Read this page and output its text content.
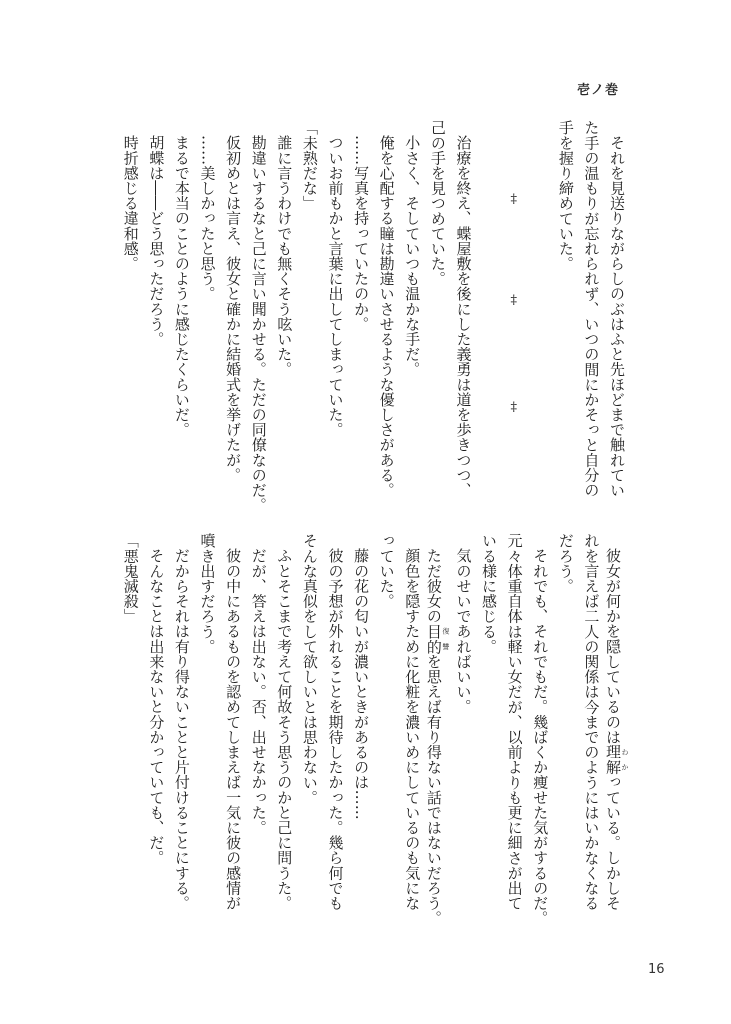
壱ノ巻
それを見送りながらしのぶはふと先ほどまで触れてい
た手の温もりが忘れられず、いつの間にかそっと自分の
手を握り締めていた。
‡
‡
‡
治療を終え、蝶屋敷を後にした義勇は道を歩きつつ、
己の手を見つめていた。
小さく、そしていつも温かな手だ。
俺を心配する瞳は勘違いさせるような優しさがある。
……写真を持っていたのか。
ついお前もかと言葉に出してしまっていた。
「未熟だな」
誰に言うわけでも無くそう呟いた。
勘違いするなと己に言い聞かせる。ただの同僚なのだ。
仮初めとは言え、彼女と確かに結婚式を挙げたが。
……美しかったと思う。
まるで本当のことのように感じたくらいだ。
胡蝶は――どう思っただろう。
時折感じる違和感。
彼女が何かを隠しているのは理解 わかっている。しかしそ
れを言えば二人の関係は今までのようにはいかなくなる
だろう。
それでも、それでもだ。幾ばくか痩せた気がするのだ。
元々体重自体は軽い女だが、以前よりも更に細さが出て
いる様に感じる。
気のせいであればいい。
ただ彼女の目的 復讐を思えば有り得ない話ではないだろう。
顔色を隠すために化粧を濃いめにしているのも気にな
っていた。
藤の花の匂いが濃いときがあるのは……
彼の予想が外れることを期待したかった。幾ら何でも
そんな真似をして欲しいとは思わない。
ふとそこまで考えて何故そう思うのかと己に問うた。
だが、答えは出ない。否、出せなかった。
彼の中にあるものを認めてしまえば一気に彼の感情が
噴き出すだろう。
だからそれは有り得ないことと片付けることにする。
そんなことは出来ないと分かっていても、だ。
「悪鬼滅殺」
16
